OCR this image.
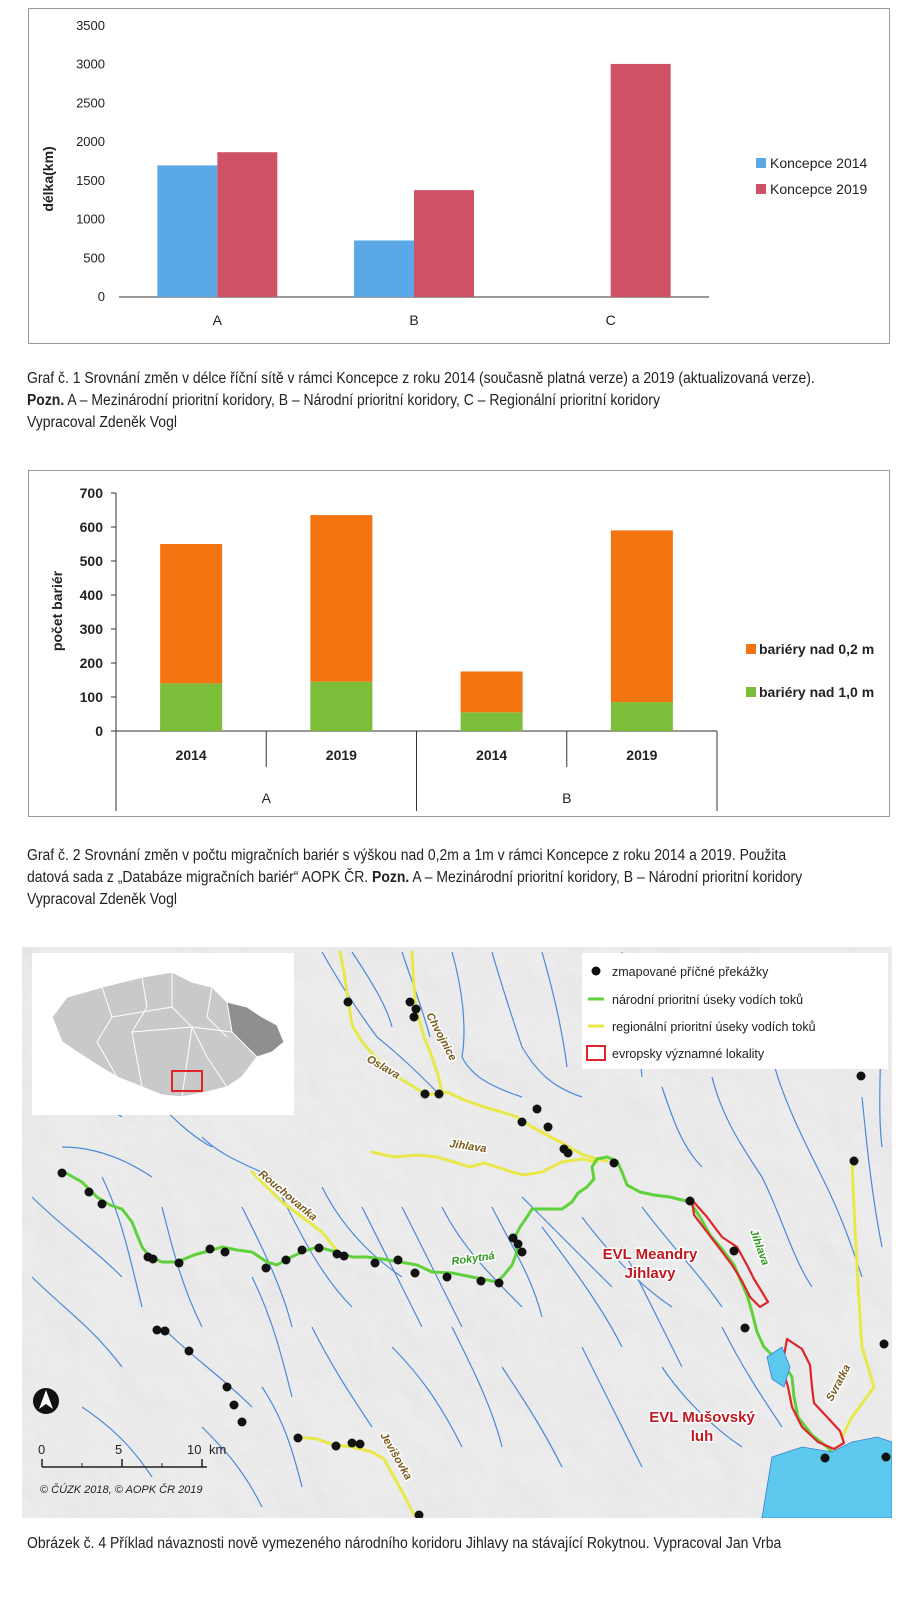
0
500
1000
1500
2000
2500
3000
3500
A	B	C
délka(km)	Koncepce 2014
Koncepce 2019
Graf č. 1 Srovnání změn v délce říční sítě v rámci Koncepce z roku 2014 (současně platná verze) a 2019 (aktualizovaná verze).
Pozn. A – Mezinárodní prioritní koridory, B – Národní prioritní koridory, C – Regionální prioritní koridory
Vypracoval Zdeněk Vogl
0
100
200
300
400
500
600
700
2014	2019	2014	2019
A	B
počet bariér	bariéry nad 0,2 m
bariéry nad 1,0 m
Graf č. 2 Srovnání změn v počtu migračních bariér s výškou nad 0,2m a 1m v rámci Koncepce z roku 2014 a 2019. Použita
datová sada z „Databáze migračních bariér“ AOPK ČR. Pozn. A – Mezinárodní prioritní koridory, B – Národní prioritní koridory
Vypracoval Zdeněk Vogl
Oslava
Chvojnice
Jihlava
Rouchovanka
Rokytná	Jihlava
Svratka
Jevišovka
EVL Meandry
Jihlavy
EVL Mušovský
luh
zmapované příčné překážky
národní prioritní úseky vodích toků
regionální prioritní úseky vodích toků
evropsky významné lokality
0	5	10 km
© ČÚZK 2018, © AOPK ČR 2019
Obrázek č. 4 Příklad návaznosti nově vymezeného národního koridoru Jihlavy na stávající Rokytnou. Vypracoval Jan Vrba
